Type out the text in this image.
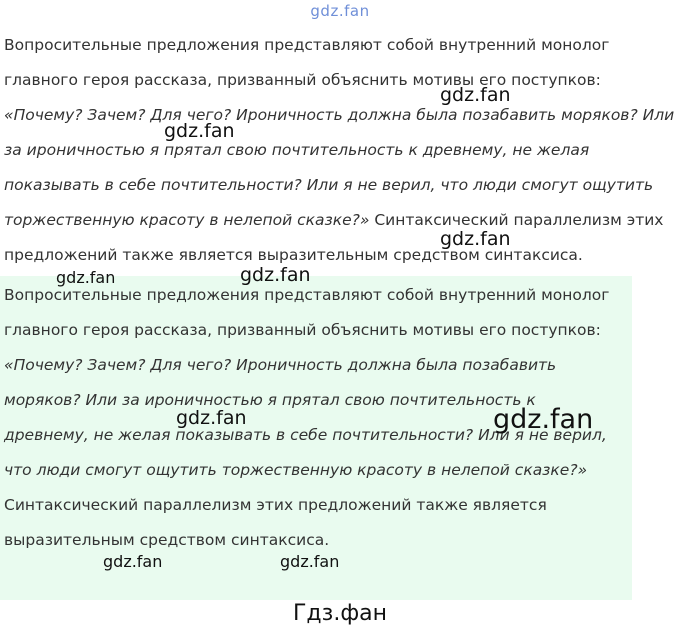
gdz.fan

Вопросительные предложения представляют собой внутренний монолог главного героя рассказа, призванный объяснить мотивы его поступков: «Почему? Зачем? Для чего? Ироничность должна была позабавить моряков? Или за ироничностью я прятал свою почтительность к древнему, не желая показывать в себе почтительности? Или я не верил, что люди смогут ощутить торжественную красоту в нелепой сказке?» Синтаксический параллелизм этих предложений также является выразительным средством синтаксиса.

Вопросительные предложения представляют собой внутренний монолог главного героя рассказа, призванный объяснить мотивы его поступков: «Почему? Зачем? Для чего? Ироничность должна была позабавить моряков? Или за ироничностью я прятал свою почтительность к древнему, не желая показывать в себе почтительности? Или я не верил, что люди смогут ощутить торжественную красоту в нелепой сказке?» Синтаксический параллелизм этих предложений также является выразительным средством синтаксиса.

gdz.fan
gdz.fan
gdz.fan
gdz.fan	gdz.fan
gdz.fan	gdz.fan
gdz.fan	gdz.fan
Гдз.фан
